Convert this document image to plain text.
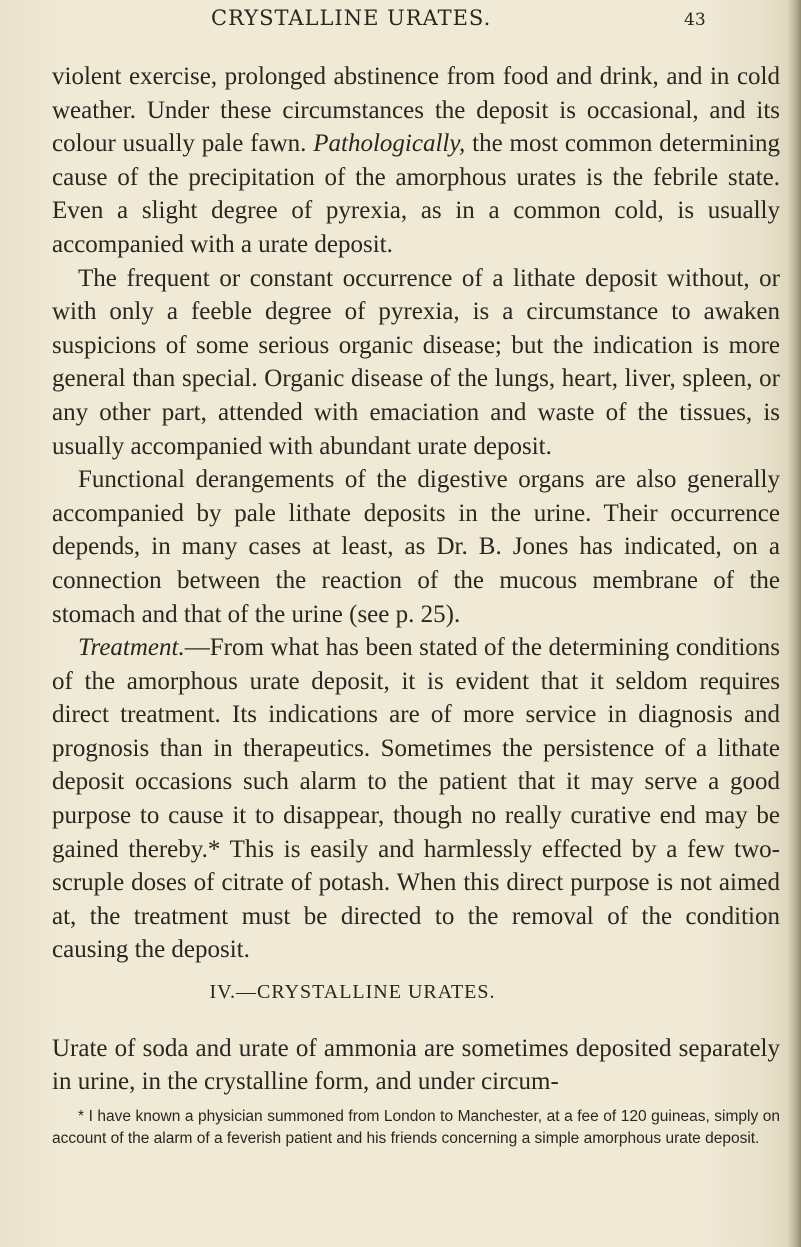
CRYSTALLINE URATES.	43

violent exercise, prolonged abstinence from food and drink, and in cold weather. Under these circumstances the deposit is occasional, and its colour usually pale fawn. Pathologically, the most common determining cause of the precipitation of the amorphous urates is the febrile state. Even a slight degree of pyrexia, as in a common cold, is usually accompanied with a urate deposit.

The frequent or constant occurrence of a lithate deposit without, or with only a feeble degree of pyrexia, is a circumstance to awaken suspicions of some serious organic disease; but the indication is more general than special. Organic disease of the lungs, heart, liver, spleen, or any other part, attended with emaciation and waste of the tissues, is usually accompanied with abundant urate deposit.

Functional derangements of the digestive organs are also generally accompanied by pale lithate deposits in the urine. Their occurrence depends, in many cases at least, as Dr. B. Jones has indicated, on a connection between the reaction of the mucous membrane of the stomach and that of the urine (see p. 25).

Treatment.—From what has been stated of the determining conditions of the amorphous urate deposit, it is evident that it seldom requires direct treatment. Its indications are of more service in diagnosis and prognosis than in therapeutics. Sometimes the persistence of a lithate deposit occasions such alarm to the patient that it may serve a good purpose to cause it to disappear, though no really curative end may be gained thereby.* This is easily and harmlessly effected by a few two-scruple doses of citrate of potash. When this direct purpose is not aimed at, the treatment must be directed to the removal of the condition causing the deposit.

IV.—CRYSTALLINE URATES.
Urate of soda and urate of ammonia are sometimes deposited separately in urine, in the crystalline form, and under circum-

* I have known a physician summoned from London to Manchester, at a fee of 120 guineas, simply on account of the alarm of a feverish patient and his friends concerning a simple amorphous urate deposit.
